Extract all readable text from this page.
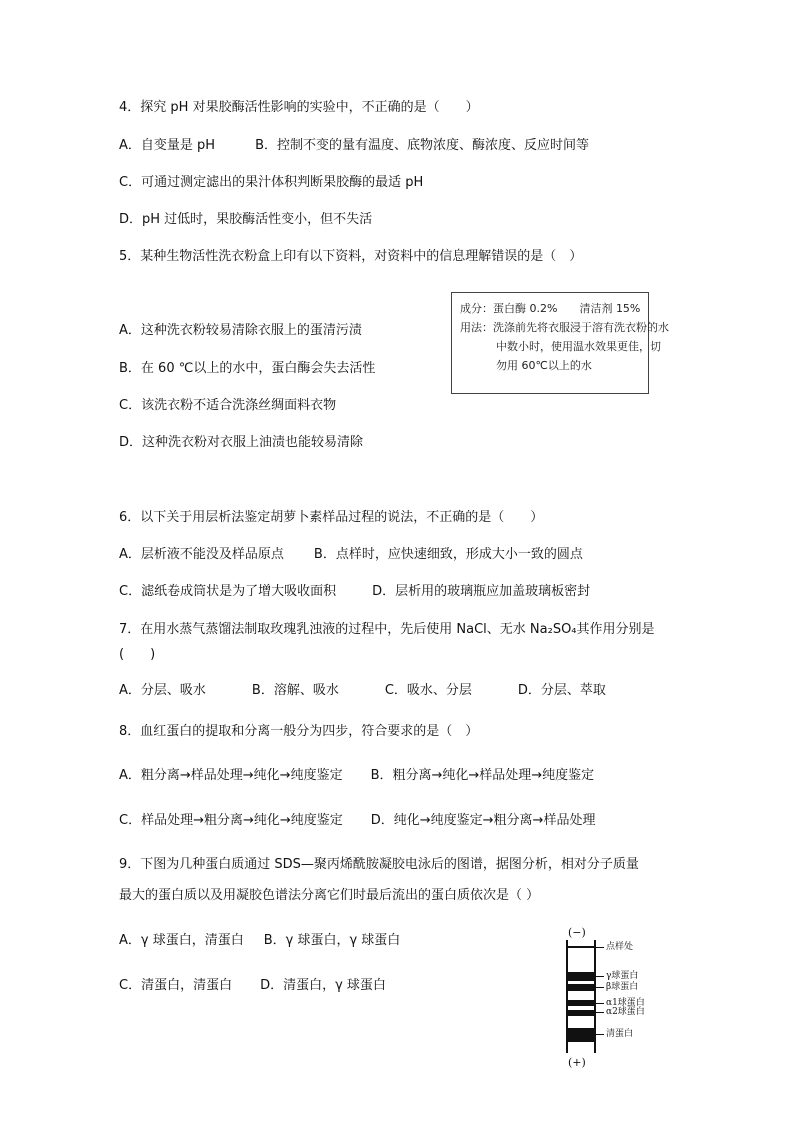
4．探究 pH 对果胶酶活性影响的实验中，不正确的是（　　）
A．自变量是 pH	B．控制不变的量有温度、底物浓度、酶浓度、反应时间等
C．可通过测定滤出的果汁体积判断果胶酶的最适 pH
D．pH 过低时，果胶酶活性变小，但不失活
5．某种生物活性洗衣粉盒上印有以下资料，对资料中的信息理解错误的是（　）
A．这种洗衣粉较易清除衣服上的蛋清污渍
B．在 60 ℃以上的水中，蛋白酶会失去活性
C．该洗衣粉不适合洗涤丝绸面料衣物
D．这种洗衣粉对衣服上油渍也能较易清除
成分：蛋白酶 0.2%　　清洁剂 15%
用法：洗涤前先将衣服浸于溶有洗衣粉的水
中数小时，使用温水效果更佳，切
勿用 60℃以上的水
6．以下关于用层析法鉴定胡萝卜素样品过程的说法，不正确的是（　　）
A．层析液不能没及样品原点 B．点样时，应快速细致，形成大小一致的圆点
C．滤纸卷成筒状是为了增大吸收面积	D．层析用的玻璃瓶应加盖玻璃板密封
7．在用水蒸气蒸馏法制取玫瑰乳浊液的过程中，先后使用 NaCl、无水 Na₂SO₄其作用分别是
(　　)
A．分层、吸水	B．溶解、吸水	C．吸水、分层	D．分层、萃取
8．血红蛋白的提取和分离一般分为四步，符合要求的是（　）
A．粗分离→样品处理→纯化→纯度鉴定 B．粗分离→纯化→样品处理→纯度鉴定
C．样品处理→粗分离→纯化→纯度鉴定 D．纯化→纯度鉴定→粗分离→样品处理
9．下图为几种蛋白质通过 SDS—聚丙烯酰胺凝胶电泳后的图谱，据图分析，相对分子质量
最大的蛋白质以及用凝胶色谱法分离它们时最后流出的蛋白质依次是（ ）
A．γ 球蛋白，清蛋白 B．γ 球蛋白，γ 球蛋白
C．清蛋白，清蛋白 D．清蛋白，γ 球蛋白
(−)
点样处
γ球蛋白
β球蛋白
α1球蛋白
α2球蛋白
清蛋白
(+)
